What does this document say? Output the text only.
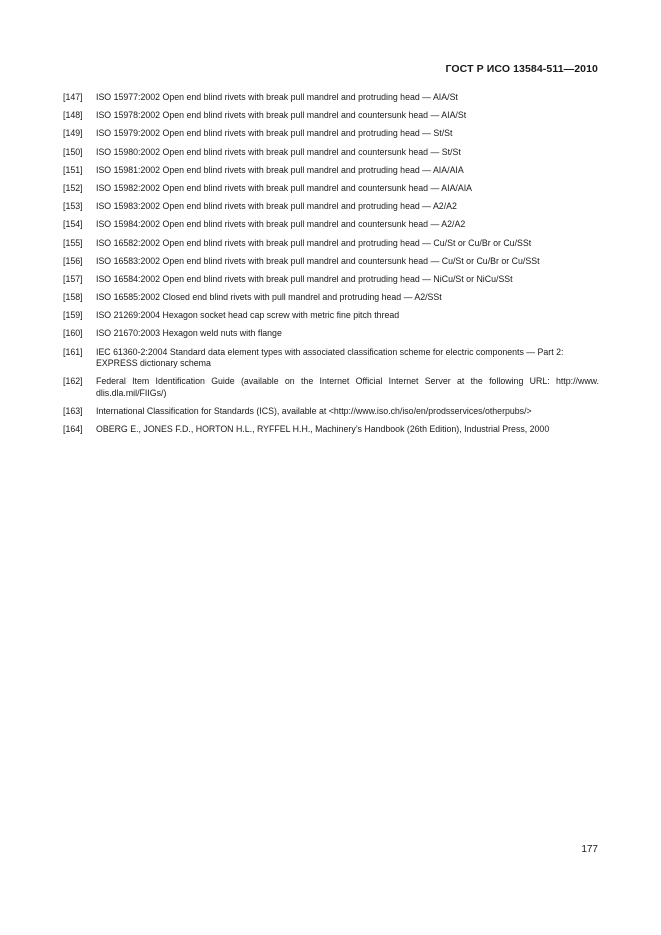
ГОСТ Р ИСО 13584-511—2010
[147]	ISO 15977:2002 Open end blind rivets with break pull mandrel and protruding head — AIA/St
[148]	ISO 15978:2002 Open end blind rivets with break pull mandrel and countersunk head — AIA/St
[149]	ISO 15979:2002 Open end blind rivets with break pull mandrel and protruding head — St/St
[150]	ISO 15980:2002 Open end blind rivets with break pull mandrel and countersunk head — St/St
[151]	ISO 15981:2002 Open end blind rivets with break pull mandrel and protruding head — AIA/AIA
[152]	ISO 15982:2002 Open end blind rivets with break pull mandrel and countersunk head — AIA/AIA
[153]	ISO 15983:2002 Open end blind rivets with break pull mandrel and protruding head — A2/A2
[154]	ISO 15984:2002 Open end blind rivets with break pull mandrel and countersunk head — A2/A2
[155]	ISO 16582:2002 Open end blind rivets with break pull mandrel and protruding head — Cu/St or Cu/Br or Cu/SSt
[156]	ISO 16583:2002 Open end blind rivets with break pull mandrel and countersunk head — Cu/St or Cu/Br or Cu/SSt
[157]	ISO 16584:2002 Open end blind rivets with break pull mandrel and protruding head — NiCu/St or NiCu/SSt
[158]	ISO 16585:2002 Closed end blind rivets with pull mandrel and protruding head — A2/SSt
[159]	ISO 21269:2004 Hexagon socket head cap screw with metric fine pitch thread
[160]	ISO 21670:2003 Hexagon weld nuts with flange
[161]	IEC 61360-2:2004 Standard data element types with associated classification scheme for electric components — Part 2: EXPRESS dictionary schema
[162]	Federal Item Identification Guide (available on the Internet Official Internet Server at the following URL: http://www. dlis.dla.mil/FIIGs/)
[163]	International Classification for Standards (ICS), available at <http://www.iso.ch/iso/en/prodsservices/otherpubs/>
[164]	OBERG E., JONES F.D., HORTON H.L., RYFFEL H.H., Machinery’s Handbook (26th Edition), Industrial Press, 2000
177
